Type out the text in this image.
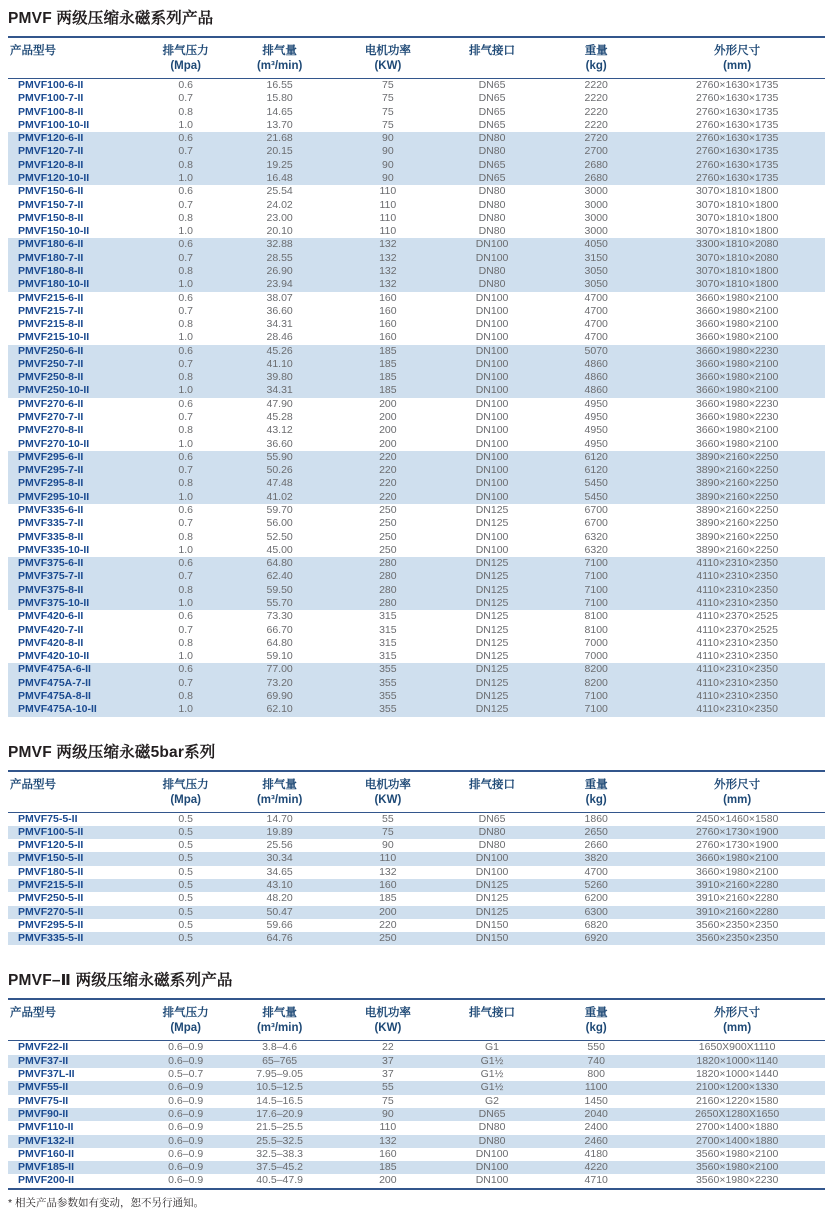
PMVF 两级压缩永磁系列产品
产品型号	排气压力	排气量	电机功率	排气接口	重量	外形尺寸
	(Mpa)	(m³/min)	(KW)		(kg)	(mm)
PMVF100-6-II	0.6	16.55	75	DN65	2220	2760×1630×1735
PMVF100-7-II	0.7	15.80	75	DN65	2220	2760×1630×1735
PMVF100-8-II	0.8	14.65	75	DN65	2220	2760×1630×1735
PMVF100-10-II	1.0	13.70	75	DN65	2220	2760×1630×1735
PMVF120-6-II	0.6	21.68	90	DN80	2720	2760×1630×1735
PMVF120-7-II	0.7	20.15	90	DN80	2700	2760×1630×1735
PMVF120-8-II	0.8	19.25	90	DN65	2680	2760×1630×1735
PMVF120-10-II	1.0	16.48	90	DN65	2680	2760×1630×1735
PMVF150-6-II	0.6	25.54	110	DN80	3000	3070×1810×1800
PMVF150-7-II	0.7	24.02	110	DN80	3000	3070×1810×1800
PMVF150-8-II	0.8	23.00	110	DN80	3000	3070×1810×1800
PMVF150-10-II	1.0	20.10	110	DN80	3000	3070×1810×1800
PMVF180-6-II	0.6	32.88	132	DN100	4050	3300×1810×2080
PMVF180-7-II	0.7	28.55	132	DN100	3150	3070×1810×2080
PMVF180-8-II	0.8	26.90	132	DN80	3050	3070×1810×1800
PMVF180-10-II	1.0	23.94	132	DN80	3050	3070×1810×1800
PMVF215-6-II	0.6	38.07	160	DN100	4700	3660×1980×2100
PMVF215-7-II	0.7	36.60	160	DN100	4700	3660×1980×2100
PMVF215-8-II	0.8	34.31	160	DN100	4700	3660×1980×2100
PMVF215-10-II	1.0	28.46	160	DN100	4700	3660×1980×2100
PMVF250-6-II	0.6	45.26	185	DN100	5070	3660×1980×2230
PMVF250-7-II	0.7	41.10	185	DN100	4860	3660×1980×2100
PMVF250-8-II	0.8	39.80	185	DN100	4860	3660×1980×2100
PMVF250-10-II	1.0	34.31	185	DN100	4860	3660×1980×2100
PMVF270-6-II	0.6	47.90	200	DN100	4950	3660×1980×2230
PMVF270-7-II	0.7	45.28	200	DN100	4950	3660×1980×2230
PMVF270-8-II	0.8	43.12	200	DN100	4950	3660×1980×2100
PMVF270-10-II	1.0	36.60	200	DN100	4950	3660×1980×2100
PMVF295-6-II	0.6	55.90	220	DN100	6120	3890×2160×2250
PMVF295-7-II	0.7	50.26	220	DN100	6120	3890×2160×2250
PMVF295-8-II	0.8	47.48	220	DN100	5450	3890×2160×2250
PMVF295-10-II	1.0	41.02	220	DN100	5450	3890×2160×2250
PMVF335-6-II	0.6	59.70	250	DN125	6700	3890×2160×2250
PMVF335-7-II	0.7	56.00	250	DN125	6700	3890×2160×2250
PMVF335-8-II	0.8	52.50	250	DN100	6320	3890×2160×2250
PMVF335-10-II	1.0	45.00	250	DN100	6320	3890×2160×2250
PMVF375-6-II	0.6	64.80	280	DN125	7100	4110×2310×2350
PMVF375-7-II	0.7	62.40	280	DN125	7100	4110×2310×2350
PMVF375-8-II	0.8	59.50	280	DN125	7100	4110×2310×2350
PMVF375-10-II	1.0	55.70	280	DN125	7100	4110×2310×2350
PMVF420-6-II	0.6	73.30	315	DN125	8100	4110×2370×2525
PMVF420-7-II	0.7	66.70	315	DN125	8100	4110×2370×2525
PMVF420-8-II	0.8	64.80	315	DN125	7000	4110×2310×2350
PMVF420-10-II	1.0	59.10	315	DN125	7000	4110×2310×2350
PMVF475A-6-II	0.6	77.00	355	DN125	8200	4110×2310×2350
PMVF475A-7-II	0.7	73.20	355	DN125	8200	4110×2310×2350
PMVF475A-8-II	0.8	69.90	355	DN125	7100	4110×2310×2350
PMVF475A-10-II	1.0	62.10	355	DN125	7100	4110×2310×2350
PMVF 两级压缩永磁5bar系列
产品型号	排气压力	排气量	电机功率	排气接口	重量	外形尺寸
	(Mpa)	(m³/min)	(KW)		(kg)	(mm)
PMVF75-5-II	0.5	14.70	55	DN65	1860	2450×1460×1580
PMVF100-5-II	0.5	19.89	75	DN80	2650	2760×1730×1900
PMVF120-5-II	0.5	25.56	90	DN80	2660	2760×1730×1900
PMVF150-5-II	0.5	30.34	110	DN100	3820	3660×1980×2100
PMVF180-5-II	0.5	34.65	132	DN100	4700	3660×1980×2100
PMVF215-5-II	0.5	43.10	160	DN125	5260	3910×2160×2280
PMVF250-5-II	0.5	48.20	185	DN125	6200	3910×2160×2280
PMVF270-5-II	0.5	50.47	200	DN125	6300	3910×2160×2280
PMVF295-5-II	0.5	59.66	220	DN150	6820	3560×2350×2350
PMVF335-5-II	0.5	64.76	250	DN150	6920	3560×2350×2350
PMVF–Ⅱ 两级压缩永磁系列产品
产品型号	排气压力	排气量	电机功率	排气接口	重量	外形尺寸
	(Mpa)	(m³/min)	(KW)		(kg)	(mm)
PMVF22-II	0.6–0.9	3.8–4.6	22	G1	550	1650X900X1110
PMVF37-II	0.6–0.9	65–765	37	G1½	740	1820×1000×1140
PMVF37L-II	0.5–0.7	7.95–9.05	37	G1½	800	1820×1000×1440
PMVF55-II	0.6–0.9	10.5–12.5	55	G1½	1100	2100×1200×1330
PMVF75-II	0.6–0.9	14.5–16.5	75	G2	1450	2160×1220×1580
PMVF90-II	0.6–0.9	17.6–20.9	90	DN65	2040	2650X1280X1650
PMVF110-II	0.6–0.9	21.5–25.5	110	DN80	2400	2700×1400×1880
PMVF132-II	0.6–0.9	25.5–32.5	132	DN80	2460	2700×1400×1880
PMVF160-II	0.6–0.9	32.5–38.3	160	DN100	4180	3560×1980×2100
PMVF185-II	0.6–0.9	37.5–45.2	185	DN100	4220	3560×1980×2100
PMVF200-II	0.6–0.9	40.5–47.9	200	DN100	4710	3560×1980×2230
* 相关产品参数如有变动，恕不另行通知。
